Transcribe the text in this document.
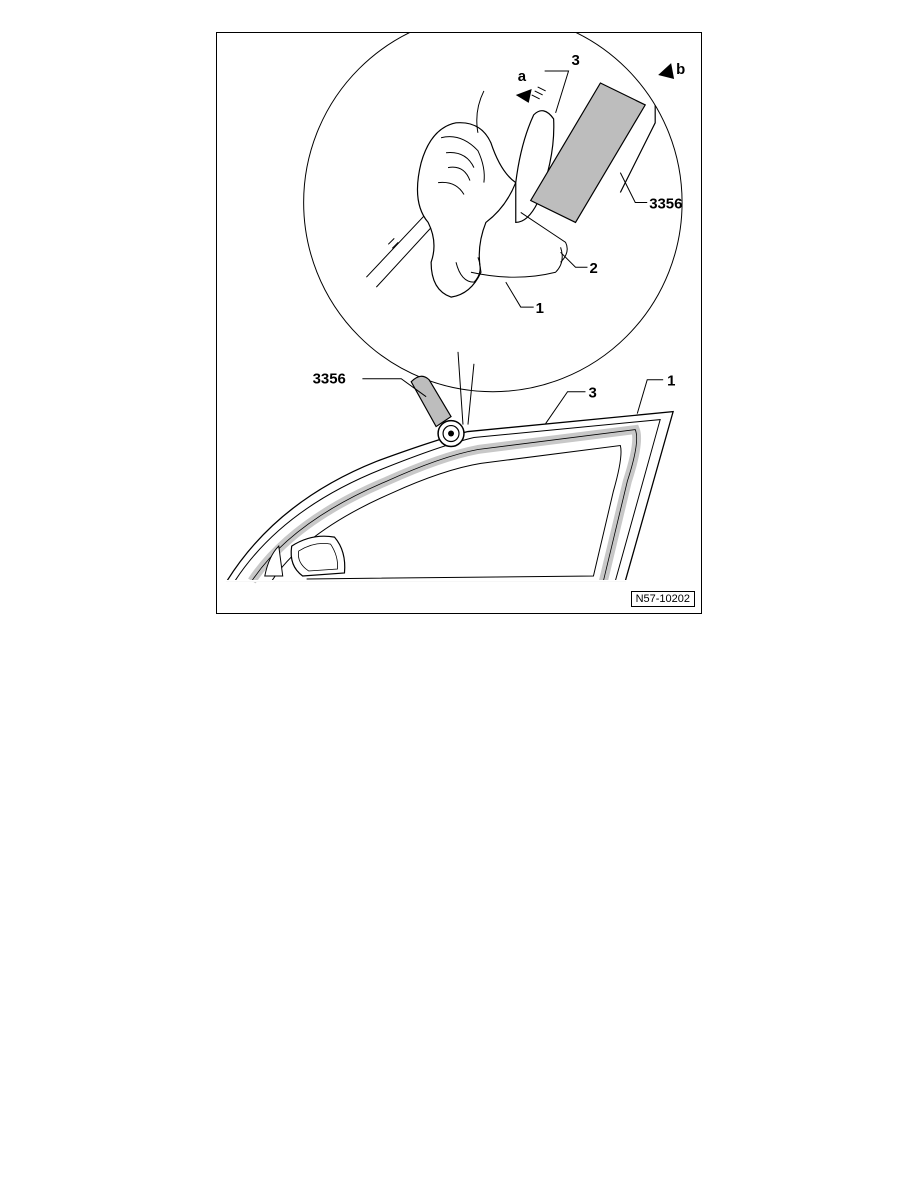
3
a	b
3356
2
1
3356
3
1
N57-10202
